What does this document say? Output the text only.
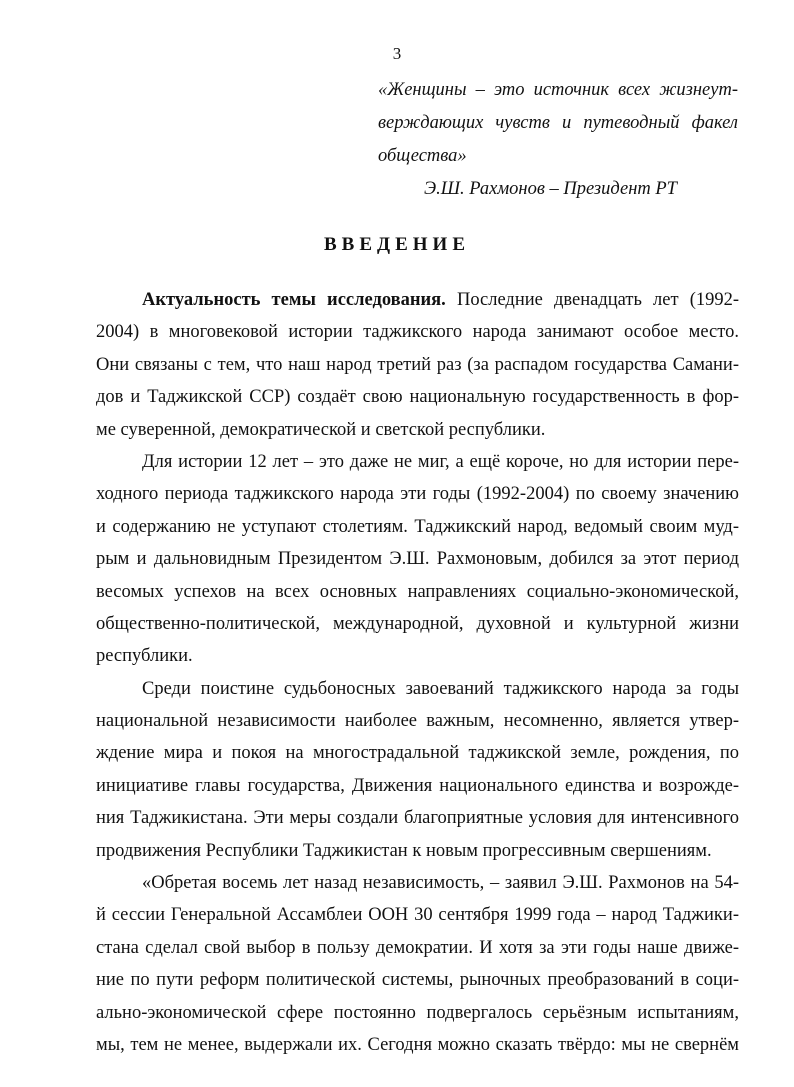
3
«Женщины – это источник всех жизнеут-
верждающих чувств и путеводный факел
общества»
Э.Ш. Рахмонов – Президент РТ
ВВЕДЕНИЕ
Актуальность темы исследования. Последние двенадцать лет (1992-
2004) в многовековой истории таджикского народа занимают особое место.
Они связаны с тем, что наш народ третий раз (за распадом государства Самани-
дов и Таджикской ССР) создаёт свою национальную государственность в фор-
ме суверенной, демократической и светской республики.
Для истории 12 лет – это даже не миг, а ещё короче, но для истории пере-
ходного периода таджикского народа эти годы (1992-2004) по своему значению
и содержанию не уступают столетиям. Таджикский народ, ведомый своим муд-
рым и дальновидным Президентом Э.Ш. Рахмоновым, добился за этот период
весомых успехов на всех основных направлениях социально-экономической,
общественно-политической, международной, духовной и культурной жизни
республики.
Среди поистине судьбоносных завоеваний таджикского народа за годы
национальной независимости наиболее важным, несомненно, является утвер-
ждение мира и покоя на многострадальной таджикской земле, рождения, по
инициативе главы государства, Движения национального единства и возрожде-
ния Таджикистана. Эти меры создали благоприятные условия для интенсивного
продвижения Республики Таджикистан к новым прогрессивным свершениям.
«Обретая восемь лет назад независимость, – заявил Э.Ш. Рахмонов на 54-
й сессии Генеральной Ассамблеи ООН 30 сентября 1999 года – народ Таджики-
стана сделал свой выбор в пользу демократии. И хотя за эти годы наше движе-
ние по пути реформ политической системы, рыночных преобразований в соци-
ально-экономической сфере постоянно подвергалось серьёзным испытаниям,
мы, тем не менее, выдержали их. Сегодня можно сказать твёрдо: мы не свернём
